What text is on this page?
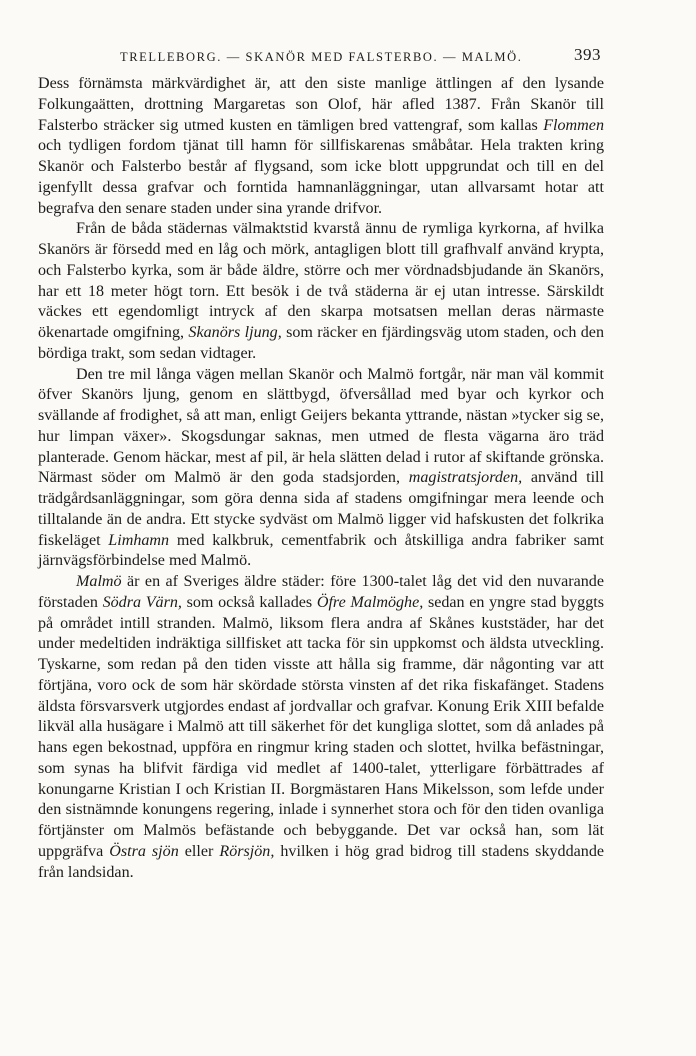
TRELLEBORG. — SKANÖR MED FALSTERBO. — MALMÖ.	393

Dess förnämsta märkvärdighet är, att den siste manlige ättlingen af den lysande Folkungaätten, drottning Margaretas son Olof, här afled 1387. Från Skanör till Falsterbo sträcker sig utmed kusten en tämligen bred vattengraf, som kallas Flommen och tydligen fordom tjänat till hamn för sillfiskarenas småbåtar. Hela trakten kring Skanör och Falsterbo består af flygsand, som icke blott uppgrundat och till en del igenfyllt dessa grafvar och forntida hamnanläggningar, utan allvarsamt hotar att begrafva den senare staden under sina yrande drifvor.

Från de båda städernas välmaktstid kvarstå ännu de rymliga kyrkorna, af hvilka Skanörs är försedd med en låg och mörk, antagligen blott till grafhvalf använd krypta, och Falsterbo kyrka, som är både äldre, större och mer vördnadsbjudande än Skanörs, har ett 18 meter högt torn. Ett besök i de två städerna är ej utan intresse. Särskildt väckes ett egendomligt intryck af den skarpa motsatsen mellan deras närmaste ökenartade omgifning, Skanörs ljung, som räcker en fjärdingsväg utom staden, och den bördiga trakt, som sedan vidtager.

Den tre mil långa vägen mellan Skanör och Malmö fortgår, när man väl kommit öfver Skanörs ljung, genom en slättbygd, öfversållad med byar och kyrkor och svällande af frodighet, så att man, enligt Geijers bekanta yttrande, nästan »tycker sig se, hur limpan växer». Skogsdungar saknas, men utmed de flesta vägarna äro träd planterade. Genom häckar, mest af pil, är hela slätten delad i rutor af skiftande grönska. Närmast söder om Malmö är den goda stadsjorden, magistratsjorden, använd till trädgårdsanläggningar, som göra denna sida af stadens omgifningar mera leende och tilltalande än de andra. Ett stycke sydväst om Malmö ligger vid hafskusten det folkrika fiskeläget Limhamn med kalkbruk, cementfabrik och åtskilliga andra fabriker samt järnvägsförbindelse med Malmö.

Malmö är en af Sveriges äldre städer: före 1300-talet låg det vid den nuvarande förstaden Södra Värn, som också kallades Öfre Malmöghe, sedan en yngre stad byggts på området intill stranden. Malmö, liksom flera andra af Skånes kuststäder, har det under medeltiden indräktiga sillfisket att tacka för sin uppkomst och äldsta utveckling. Tyskarne, som redan på den tiden visste att hålla sig framme, där någonting var att förtjäna, voro ock de som här skördade största vinsten af det rika fiskafänget. Stadens äldsta försvarsverk utgjordes endast af jordvallar och grafvar. Konung Erik XIII befalde likväl alla husägare i Malmö att till säkerhet för det kungliga slottet, som då anlades på hans egen bekostnad, uppföra en ringmur kring staden och slottet, hvilka befästningar, som synas ha blifvit färdiga vid medlet af 1400-talet, ytterligare förbättrades af konungarne Kristian I och Kristian II. Borgmästaren Hans Mikelsson, som lefde under den sistnämnde konungens regering, inlade i synnerhet stora och för den tiden ovanliga förtjänster om Malmös befästande och bebyggande. Det var också han, som lät uppgräfva Östra sjön eller Rörsjön, hvilken i hög grad bidrog till stadens skyddande från landsidan.
